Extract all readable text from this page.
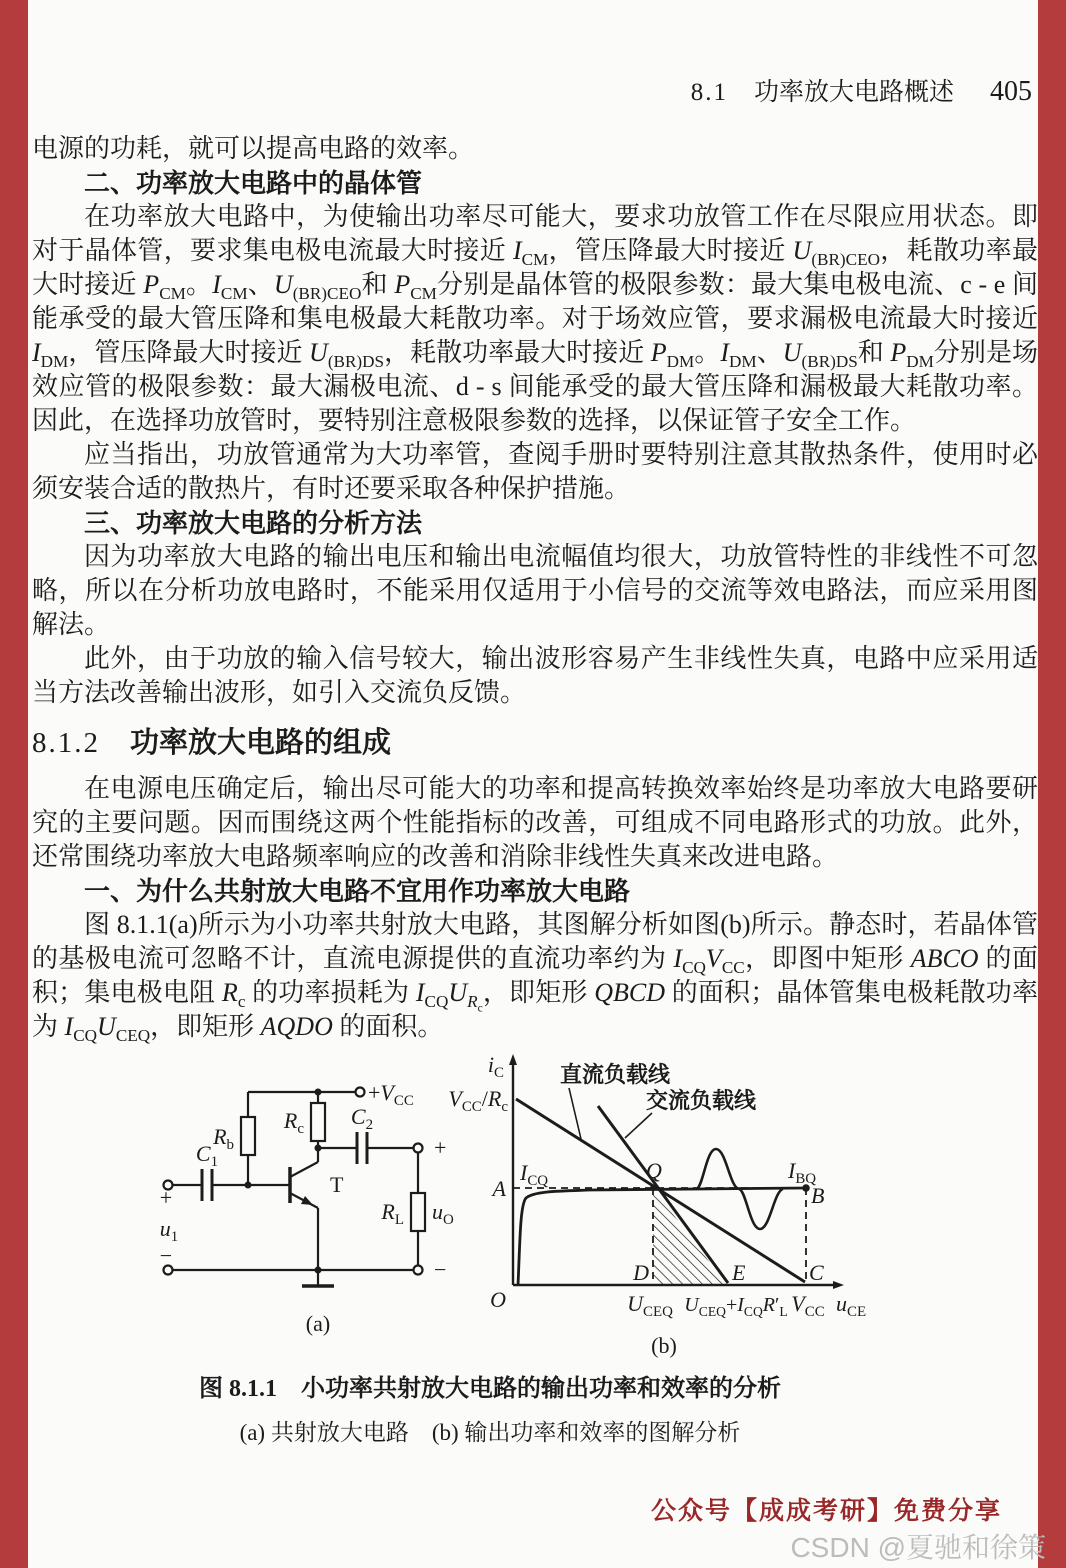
8.1 功率放大电路概述 405
电源的功耗，就可以提高电路的效率。
二、功率放大电路中的晶体管
在功率放大电路中，为使输出功率尽可能大，要求功放管工作在尽限应用状态。即对于晶体管，要求集电极电流最大时接近 $I_{CM}$，管压降最大时接近 $U_{(BR)CEO}$，耗散功率最大时接近 $P_{CM}$。$I_{CM}$、$U_{(BR)CEO}$和 $P_{CM}$分别是晶体管的极限参数：最大集电极电流、c - e 间能承受的最大管压降和集电极最大耗散功率。对于场效应管，要求漏极电流最大时接近 $I_{DM}$，管压降最大时接近 $U_{(BR)DS}$，耗散功率最大时接近 $P_{DM}$。$I_{DM}$、$U_{(BR)DS}$和 $P_{DM}$分别是场效应管的极限参数：最大漏极电流、d - s 间能承受的最大管压降和漏极最大耗散功率。因此，在选择功放管时，要特别注意极限参数的选择，以保证管子安全工作。
应当指出，功放管通常为大功率管，查阅手册时要特别注意其散热条件，使用时必须安装合适的散热片，有时还要采取各种保护措施。
三、功率放大电路的分析方法
因为功率放大电路的输出电压和输出电流幅值均很大，功放管特性的非线性不可忽略，所以在分析功放电路时，不能采用仅适用于小信号的交流等效电路法，而应采用图解法。
此外，由于功放的输入信号较大，输出波形容易产生非线性失真，电路中应采用适当方法改善输出波形，如引入交流负反馈。
8.1.2 功率放大电路的组成
在电源电压确定后，输出尽可能大的功率和提高转换效率始终是功率放大电路要研究的主要问题。因而围绕这两个性能指标的改善，可组成不同电路形式的功放。此外，还常围绕功率放大电路频率响应的改善和消除非线性失真来改进电路。
一、为什么共射放大电路不宜用作功率放大电路
图 8.1.1(a)所示为小功率共射放大电路，其图解分析如图(b)所示。静态时，若晶体管的基极电流可忽略不计，直流电源提供的直流功率约为 $I_{CQ}V_{CC}$，即图中矩形 ABCO 的面积；集电极电阻 $R_c$ 的功率损耗为 $I_{CQ}U_{R_c}$，即矩形 QBCD 的面积；晶体管集电极耗散功率为 $I_{CQ}U_{CEQ}$，即矩形 AQDO 的面积。
$+V_{CC}$
$R_b$
$R_c$
$C_1$
$C_2$
T
$R_L$ $u_O$
$u_1$
+
−
+
−
(a)
$i_C$
$V_{CC}/R_c$
直流负载线
交流负载线
$I_{CQ}$
A
Q	$I_{BQ}$
B
D	E	C
O	$U_{CEQ}$ $U_{CEQ}+I_{CQ}R'_L$ $V_{CC}$ $u_{CE}$
(b)
图 8.1.1　小功率共射放大电路的输出功率和效率的分析
(a) 共射放大电路　(b) 输出功率和效率的图解分析
公众号【成成考研】免费分享
CSDN @夏驰和徐策
